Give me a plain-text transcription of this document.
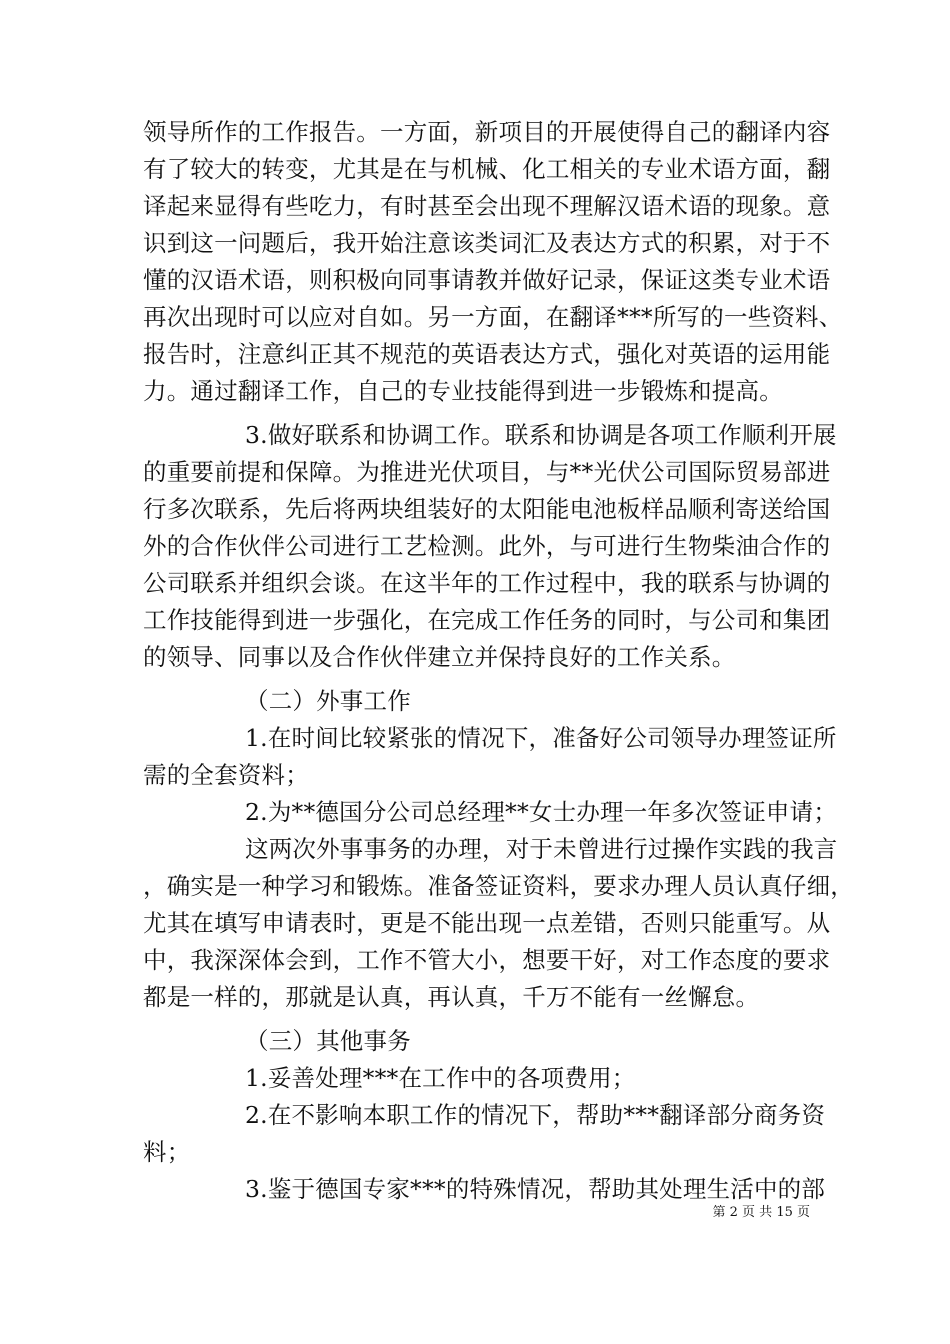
领导所作的工作报告。一方面，新项目的开展使得自己的翻译内容
有了较大的转变，尤其是在与机械、化工相关的专业术语方面，翻
译起来显得有些吃力，有时甚至会出现不理解汉语术语的现象。意
识到这一问题后，我开始注意该类词汇及表达方式的积累，对于不
懂的汉语术语，则积极向同事请教并做好记录，保证这类专业术语
再次出现时可以应对自如。另一方面，在翻译***所写的一些资料、
报告时，注意纠正其不规范的英语表达方式，强化对英语的运用能
力。通过翻译工作，自己的专业技能得到进一步锻炼和提高。
3.做好联系和协调工作。联系和协调是各项工作顺利开展
的重要前提和保障。为推进光伏项目，与**光伏公司国际贸易部进
行多次联系，先后将两块组装好的太阳能电池板样品顺利寄送给国
外的合作伙伴公司进行工艺检测。此外，与可进行生物柴油合作的
公司联系并组织会谈。在这半年的工作过程中，我的联系与协调的
工作技能得到进一步强化，在完成工作任务的同时，与公司和集团
的领导、同事以及合作伙伴建立并保持良好的工作关系。
（二）外事工作
1.在时间比较紧张的情况下，准备好公司领导办理签证所
需的全套资料；
2.为**德国分公司总经理**女士办理一年多次签证申请；
这两次外事事务的办理，对于未曾进行过操作实践的我言
，确实是一种学习和锻炼。准备签证资料，要求办理人员认真仔细，
尤其在填写申请表时，更是不能出现一点差错，否则只能重写。从
中，我深深体会到，工作不管大小，想要干好，对工作态度的要求
都是一样的，那就是认真，再认真，千万不能有一丝懈怠。
（三）其他事务
1.妥善处理***在工作中的各项费用；
2.在不影响本职工作的情况下，帮助***翻译部分商务资
料；
3.鉴于德国专家***的特殊情况，帮助其处理生活中的部
第 2 页 共 15 页
